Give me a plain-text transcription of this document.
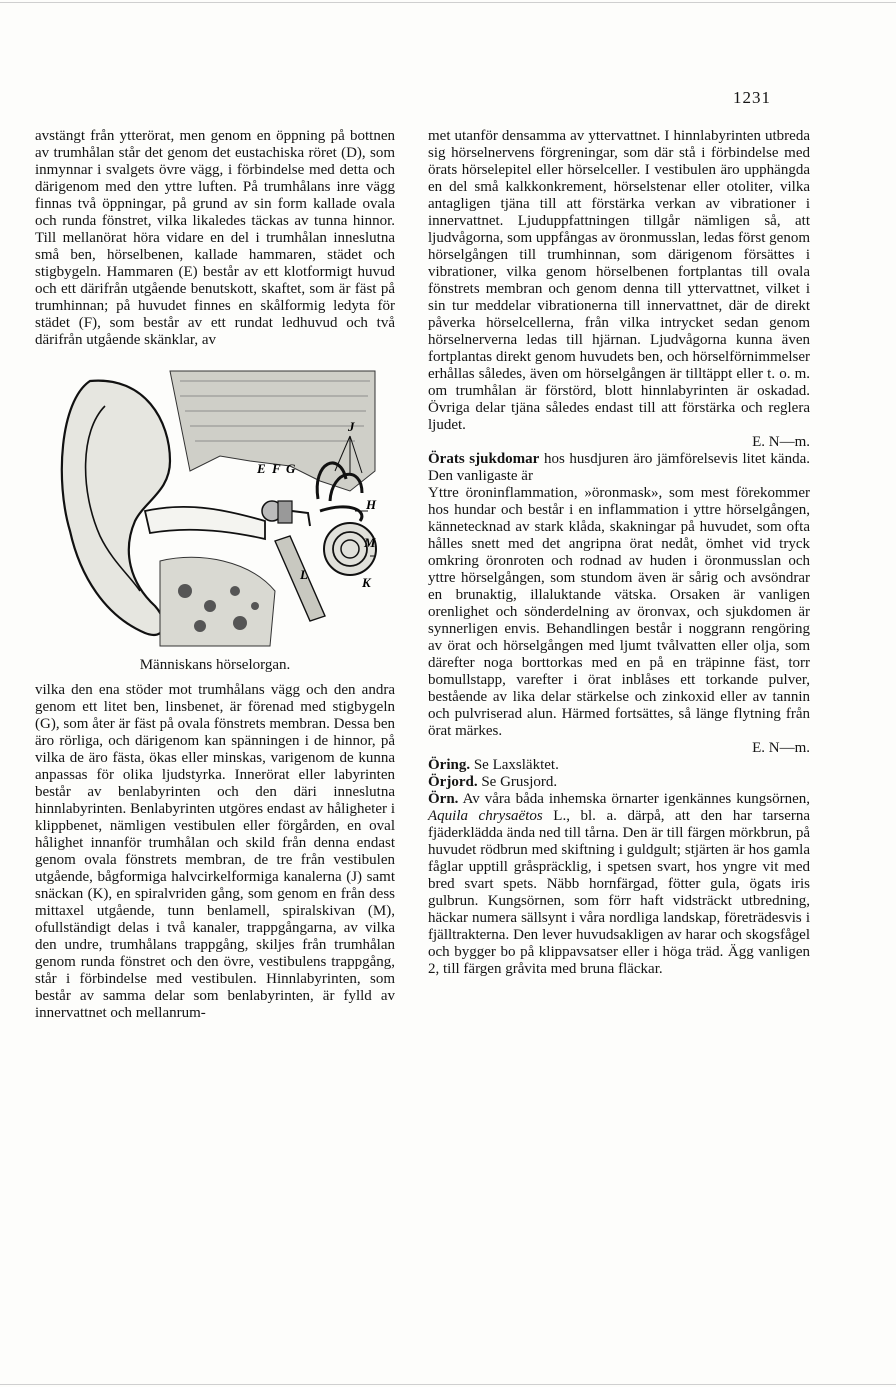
1231

avstängt från ytterörat, men genom en öppning på bottnen av trumhålan står det genom det eustachiska röret (D), som inmynnar i svalgets övre vägg, i förbindelse med detta och därigenom med den yttre luften. På trumhålans inre vägg finnas två öppningar, på grund av sin form kallade ovala och runda fönstret, vilka likaledes täckas av tunna hinnor. Till mellanörat höra vidare en del i trumhålan inneslutna små ben, hörselbenen, kallade hammaren, städet och stigbygeln. Hammaren (E) består av ett klotformigt huvud och ett därifrån utgående benutskott, skaftet, som är fäst på trumhinnan; på huvudet finnes en skålformig ledyta för städet (F), som består av ett rundat ledhuvud och två därifrån utgående skänklar, av

E F G
J
H
M
K
L
Människans hörselorgan.

vilka den ena stöder mot trumhålans vägg och den andra genom ett litet ben, linsbenet, är förenad med stigbygeln (G), som åter är fäst på ovala fönstrets membran. Dessa ben äro rörliga, och därigenom kan spänningen i de hinnor, på vilka de äro fästa, ökas eller minskas, varigenom de kunna anpassas för olika ljudstyrka. Innerörat eller labyrinten består av benlabyrinten och den däri inneslutna hinnlabyrinten. Benlabyrinten utgöres endast av håligheter i klippbenet, nämligen vestibulen eller förgården, en oval hålighet innanför trumhålan och skild från denna endast genom ovala fönstrets membran, de tre från vestibulen utgående, bågformiga halvcirkelformiga kanalerna (J) samt snäckan (K), en spiralvriden gång, som genom en från dess mittaxel utgående, tunn benlamell, spiralskivan (M), ofullständigt delas i två kanaler, trappgångarna, av vilka den undre, trumhålans trappgång, skiljes från trumhålan genom runda fönstret och den övre, vestibulens trappgång, står i förbindelse med vestibulen. Hinnlabyrinten, som består av samma delar som benlabyrinten, är fylld av innervattnet och mellanrum-

met utanför densamma av yttervattnet. I hinnlabyrinten utbreda sig hörselnervens förgreningar, som där stå i förbindelse med örats hörselepitel eller hörselceller. I vestibulen äro upphängda en del små kalkkonkrement, hörselstenar eller otoliter, vilka antagligen tjäna till att förstärka verkan av vibrationer i innervattnet. Ljuduppfattningen tillgår nämligen så, att ljudvågorna, som uppfångas av öronmusslan, ledas först genom hörselgången till trumhinnan, som därigenom försättes i vibrationer, vilka genom hörselbenen fortplantas till ovala fönstrets membran och genom denna till yttervattnet, vilket i sin tur meddelar vibrationerna till innervattnet, där de direkt påverka hörselcellerna, från vilka intrycket sedan genom hörselnerverna ledas till hjärnan. Ljudvågorna kunna även fortplantas direkt genom huvudets ben, och hörselförnimmelser erhållas således, även om hörselgången är tilltäppt eller t. o. m. om trumhålan är förstörd, blott hinnlabyrinten är oskadad. Övriga delar tjäna således endast till att förstärka och reglera ljudet.

E. N—m.

Örats sjukdomar hos husdjuren äro jämförelsevis litet kända. Den vanligaste är

Yttre öroninflammation, »öronmask», som mest förekommer hos hundar och består i en inflammation i yttre hörselgången, kännetecknad av stark klåda, skakningar på huvudet, som ofta hålles snett med det angripna örat nedåt, ömhet vid tryck omkring öronroten och rodnad av huden i öronmusslan och yttre hörselgången, som stundom även är sårig och avsöndrar en brunaktig, illaluktande vätska. Orsaken är vanligen orenlighet och sönderdelning av öronvax, och sjukdomen är synnerligen envis. Behandlingen består i noggrann rengöring av örat och hörselgången med ljumt tvålvatten eller olja, som därefter noga borttorkas med en på en träpinne fäst, torr bomullstapp, varefter i örat inblåses ett torkande pulver, bestående av lika delar stärkelse och zinkoxid eller av tannin och pulvriserad alun. Härmed fortsättes, så länge flytning från örat märkes.

E. N—m.

Öring. Se Laxsläktet.

Örjord. Se Grusjord.

Örn. Av våra båda inhemska örnarter igenkännes kungsörnen, Aquila chrysaëtos L., bl. a. därpå, att den har tarserna fjäderklädda ända ned till tårna. Den är till färgen mörkbrun, på huvudet rödbrun med skiftning i guldgult; stjärten är hos gamla fåglar upptill gråspräcklig, i spetsen svart, hos yngre vit med bred svart spets. Näbb hornfärgad, fötter gula, ögats iris gulbrun. Kungsörnen, som förr haft vidsträckt utbredning, häckar numera sällsynt i våra nordliga landskap, företrädesvis i fjälltrakterna. Den lever huvudsakligen av harar och skogsfågel och bygger bo på klippavsatser eller i höga träd. Ägg vanligen 2, till färgen gråvita med bruna fläckar.
